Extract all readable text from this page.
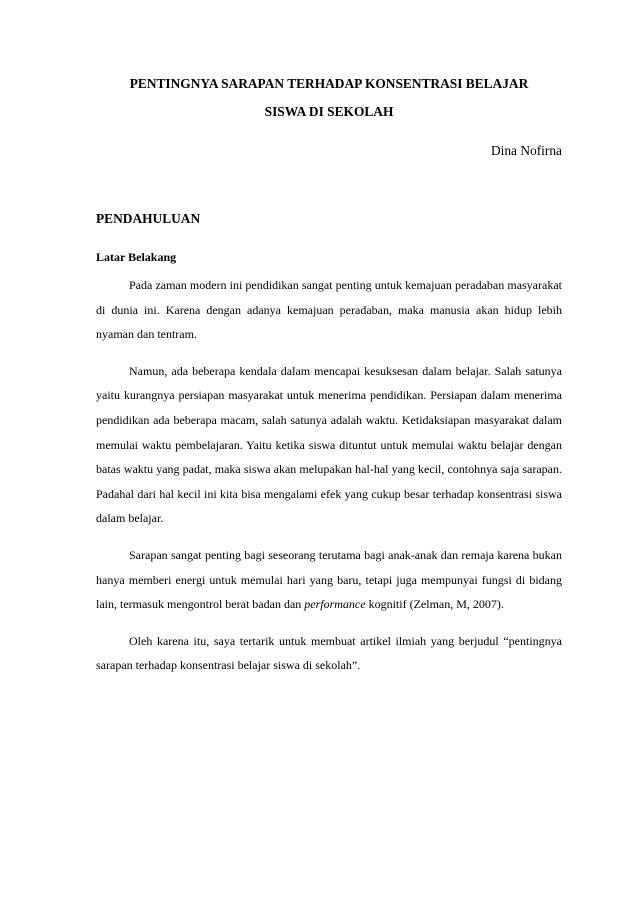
PENTINGNYA SARAPAN TERHADAP KONSENTRASI BELAJAR
SISWA DI SEKOLAH
Dina Nofirna
PENDAHULUAN
Latar Belakang

Pada zaman modern ini pendidikan sangat penting untuk kemajuan peradaban masyarakat di dunia ini. Karena dengan adanya kemajuan peradaban, maka manusia akan hidup lebih nyaman dan tentram.

Namun, ada beberapa kendala dalam mencapai kesuksesan dalam belajar. Salah satunya yaitu kurangnya persiapan masyarakat untuk menerima pendidikan. Persiapan dalam menerima pendidikan ada beberapa macam, salah satunya adalah waktu. Ketidaksiapan masyarakat dalam memulai waktu pembelajaran. Yaitu ketika siswa dituntut untuk memulai waktu belajar dengan batas waktu yang padat, maka siswa akan melupakan hal-hal yang kecil, contohnya saja sarapan. Padahal dari hal kecil ini kita bisa mengalami efek yang cukup besar terhadap konsentrasi siswa dalam belajar.

Sarapan sangat penting bagi seseorang terutama bagi anak-anak dan remaja karena bukan hanya memberi energi untuk memulai hari yang baru, tetapi juga mempunyai fungsi di bidang lain, termasuk mengontrol berat badan dan performance kognitif (Zelman, M, 2007).

Oleh karena itu, saya tertarik untuk membuat artikel ilmiah yang berjudul “pentingnya sarapan terhadap konsentrasi belajar siswa di sekolah”.
